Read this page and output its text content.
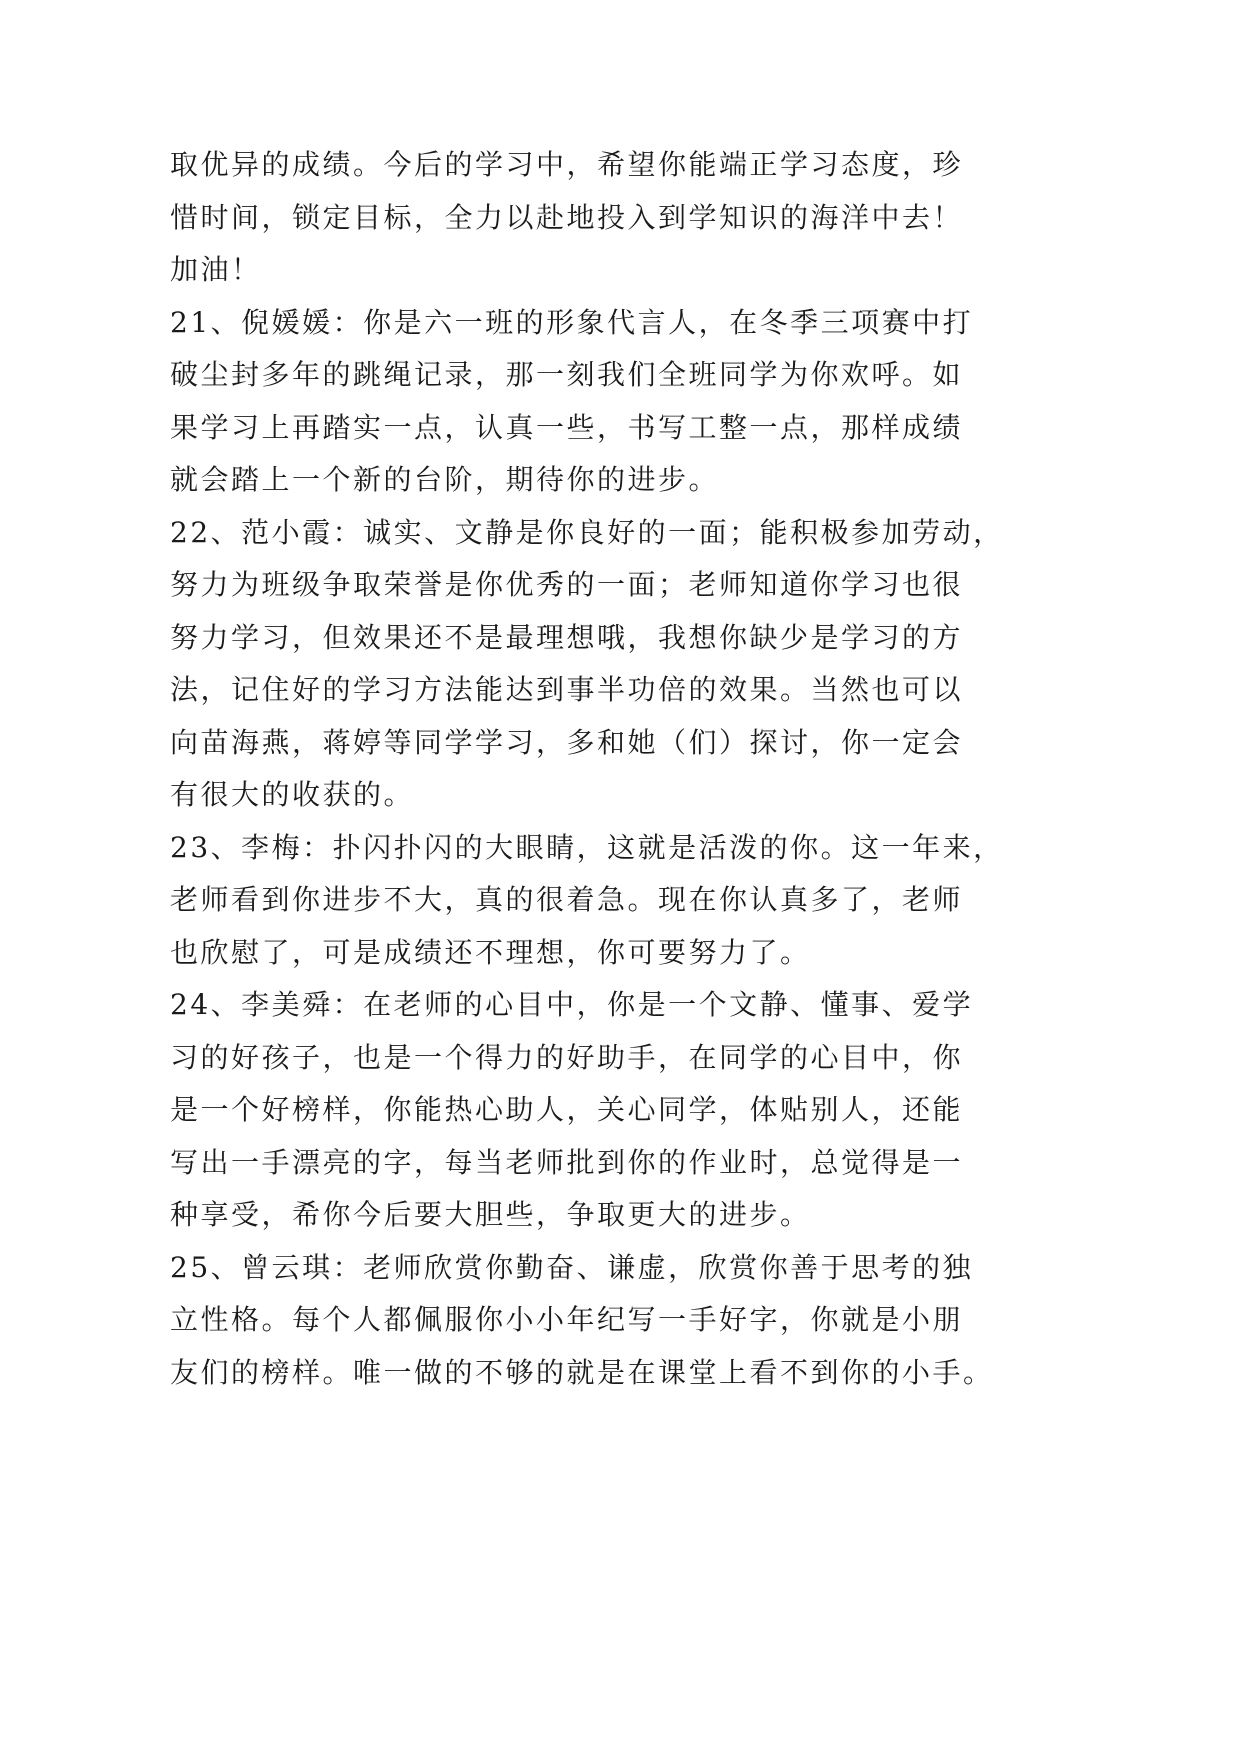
取优异的成绩。今后的学习中，希望你能端正学习态度，珍
惜时间，锁定目标，全力以赴地投入到学知识的海洋中去！
加油！
21、倪媛媛：你是六一班的形象代言人，在冬季三项赛中打
破尘封多年的跳绳记录，那一刻我们全班同学为你欢呼。如
果学习上再踏实一点，认真一些，书写工整一点，那样成绩
就会踏上一个新的台阶，期待你的进步。
22、范小霞：诚实、文静是你良好的一面；能积极参加劳动，
努力为班级争取荣誉是你优秀的一面；老师知道你学习也很
努力学习，但效果还不是最理想哦，我想你缺少是学习的方
法，记住好的学习方法能达到事半功倍的效果。当然也可以
向苗海燕，蒋婷等同学学习，多和她（们）探讨，你一定会
有很大的收获的。
23、李梅：扑闪扑闪的大眼睛，这就是活泼的你。这一年来，
老师看到你进步不大，真的很着急。现在你认真多了，老师
也欣慰了，可是成绩还不理想，你可要努力了。
24、李美舜：在老师的心目中，你是一个文静、懂事、爱学
习的好孩子，也是一个得力的好助手，在同学的心目中，你
是一个好榜样，你能热心助人，关心同学，体贴别人，还能
写出一手漂亮的字，每当老师批到你的作业时，总觉得是一
种享受，希你今后要大胆些，争取更大的进步。
25、曾云琪：老师欣赏你勤奋、谦虚，欣赏你善于思考的独
立性格。每个人都佩服你小小年纪写一手好字，你就是小朋
友们的榜样。唯一做的不够的就是在课堂上看不到你的小手。
